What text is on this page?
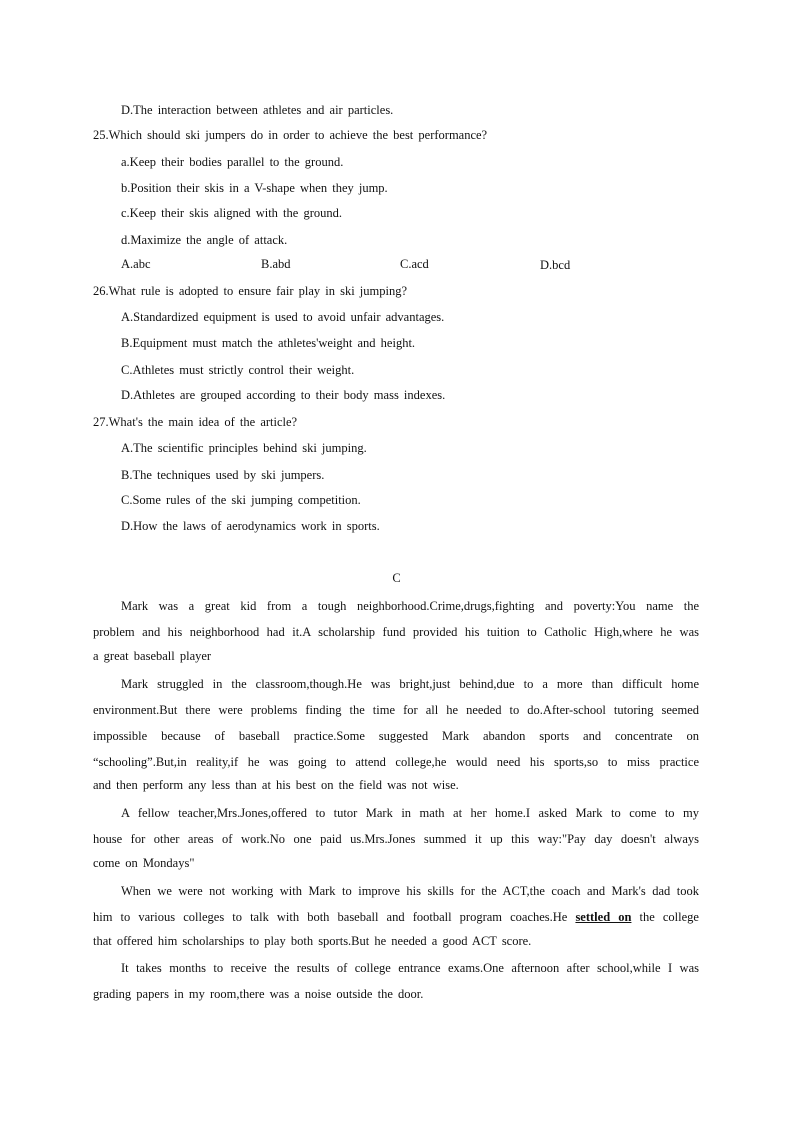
D.The interaction between athletes and air particles.
25.Which should ski jumpers do in order to achieve the best performance?
a.Keep their bodies parallel to the ground.
b.Position their skis in a V-shape when they jump.
c.Keep their skis aligned with the ground.
d.Maximize the angle of attack.
A.abc	B.abd	C.acd	D.bcd
26.What rule is adopted to ensure fair play in ski jumping?
A.Standardized equipment is used to avoid unfair advantages.
B.Equipment must match the athletes'weight and height.
C.Athletes must strictly control their weight.
D.Athletes are grouped according to their body mass indexes.
27.What's the main idea of the article?
A.The scientific principles behind ski jumping.
B.The techniques used by ski jumpers.
C.Some rules of the ski jumping competition.
D.How the laws of aerodynamics work in sports.
C
Mark was a great kid from a tough neighborhood.Crime,drugs,fighting and poverty:You name the
problem and his neighborhood had it.A scholarship fund provided his tuition to Catholic High,where he was
a great baseball player
Mark struggled in the classroom,though.He was bright,just behind,due to a more than difficult home
environment.But there were problems finding the time for all he needed to do.After-school tutoring seemed
impossible because of baseball practice.Some suggested Mark abandon sports and concentrate on
“schooling”.But,in reality,if he was going to attend college,he would need his sports,so to miss practice
and then perform any less than at his best on the field was not wise.
A fellow teacher,Mrs.Jones,offered to tutor Mark in math at her home.I asked Mark to come to my
house for other areas of work.No one paid us.Mrs.Jones summed it up this way:"Pay day doesn't always
come on Mondays"
When we were not working with Mark to improve his skills for the ACT,the coach and Mark's dad took
him to various colleges to talk with both baseball and football program coaches.He settled on the college
that offered him scholarships to play both sports.But he needed a good ACT score.
It takes months to receive the results of college entrance exams.One afternoon after school,while I was
grading papers in my room,there was a noise outside the door.
